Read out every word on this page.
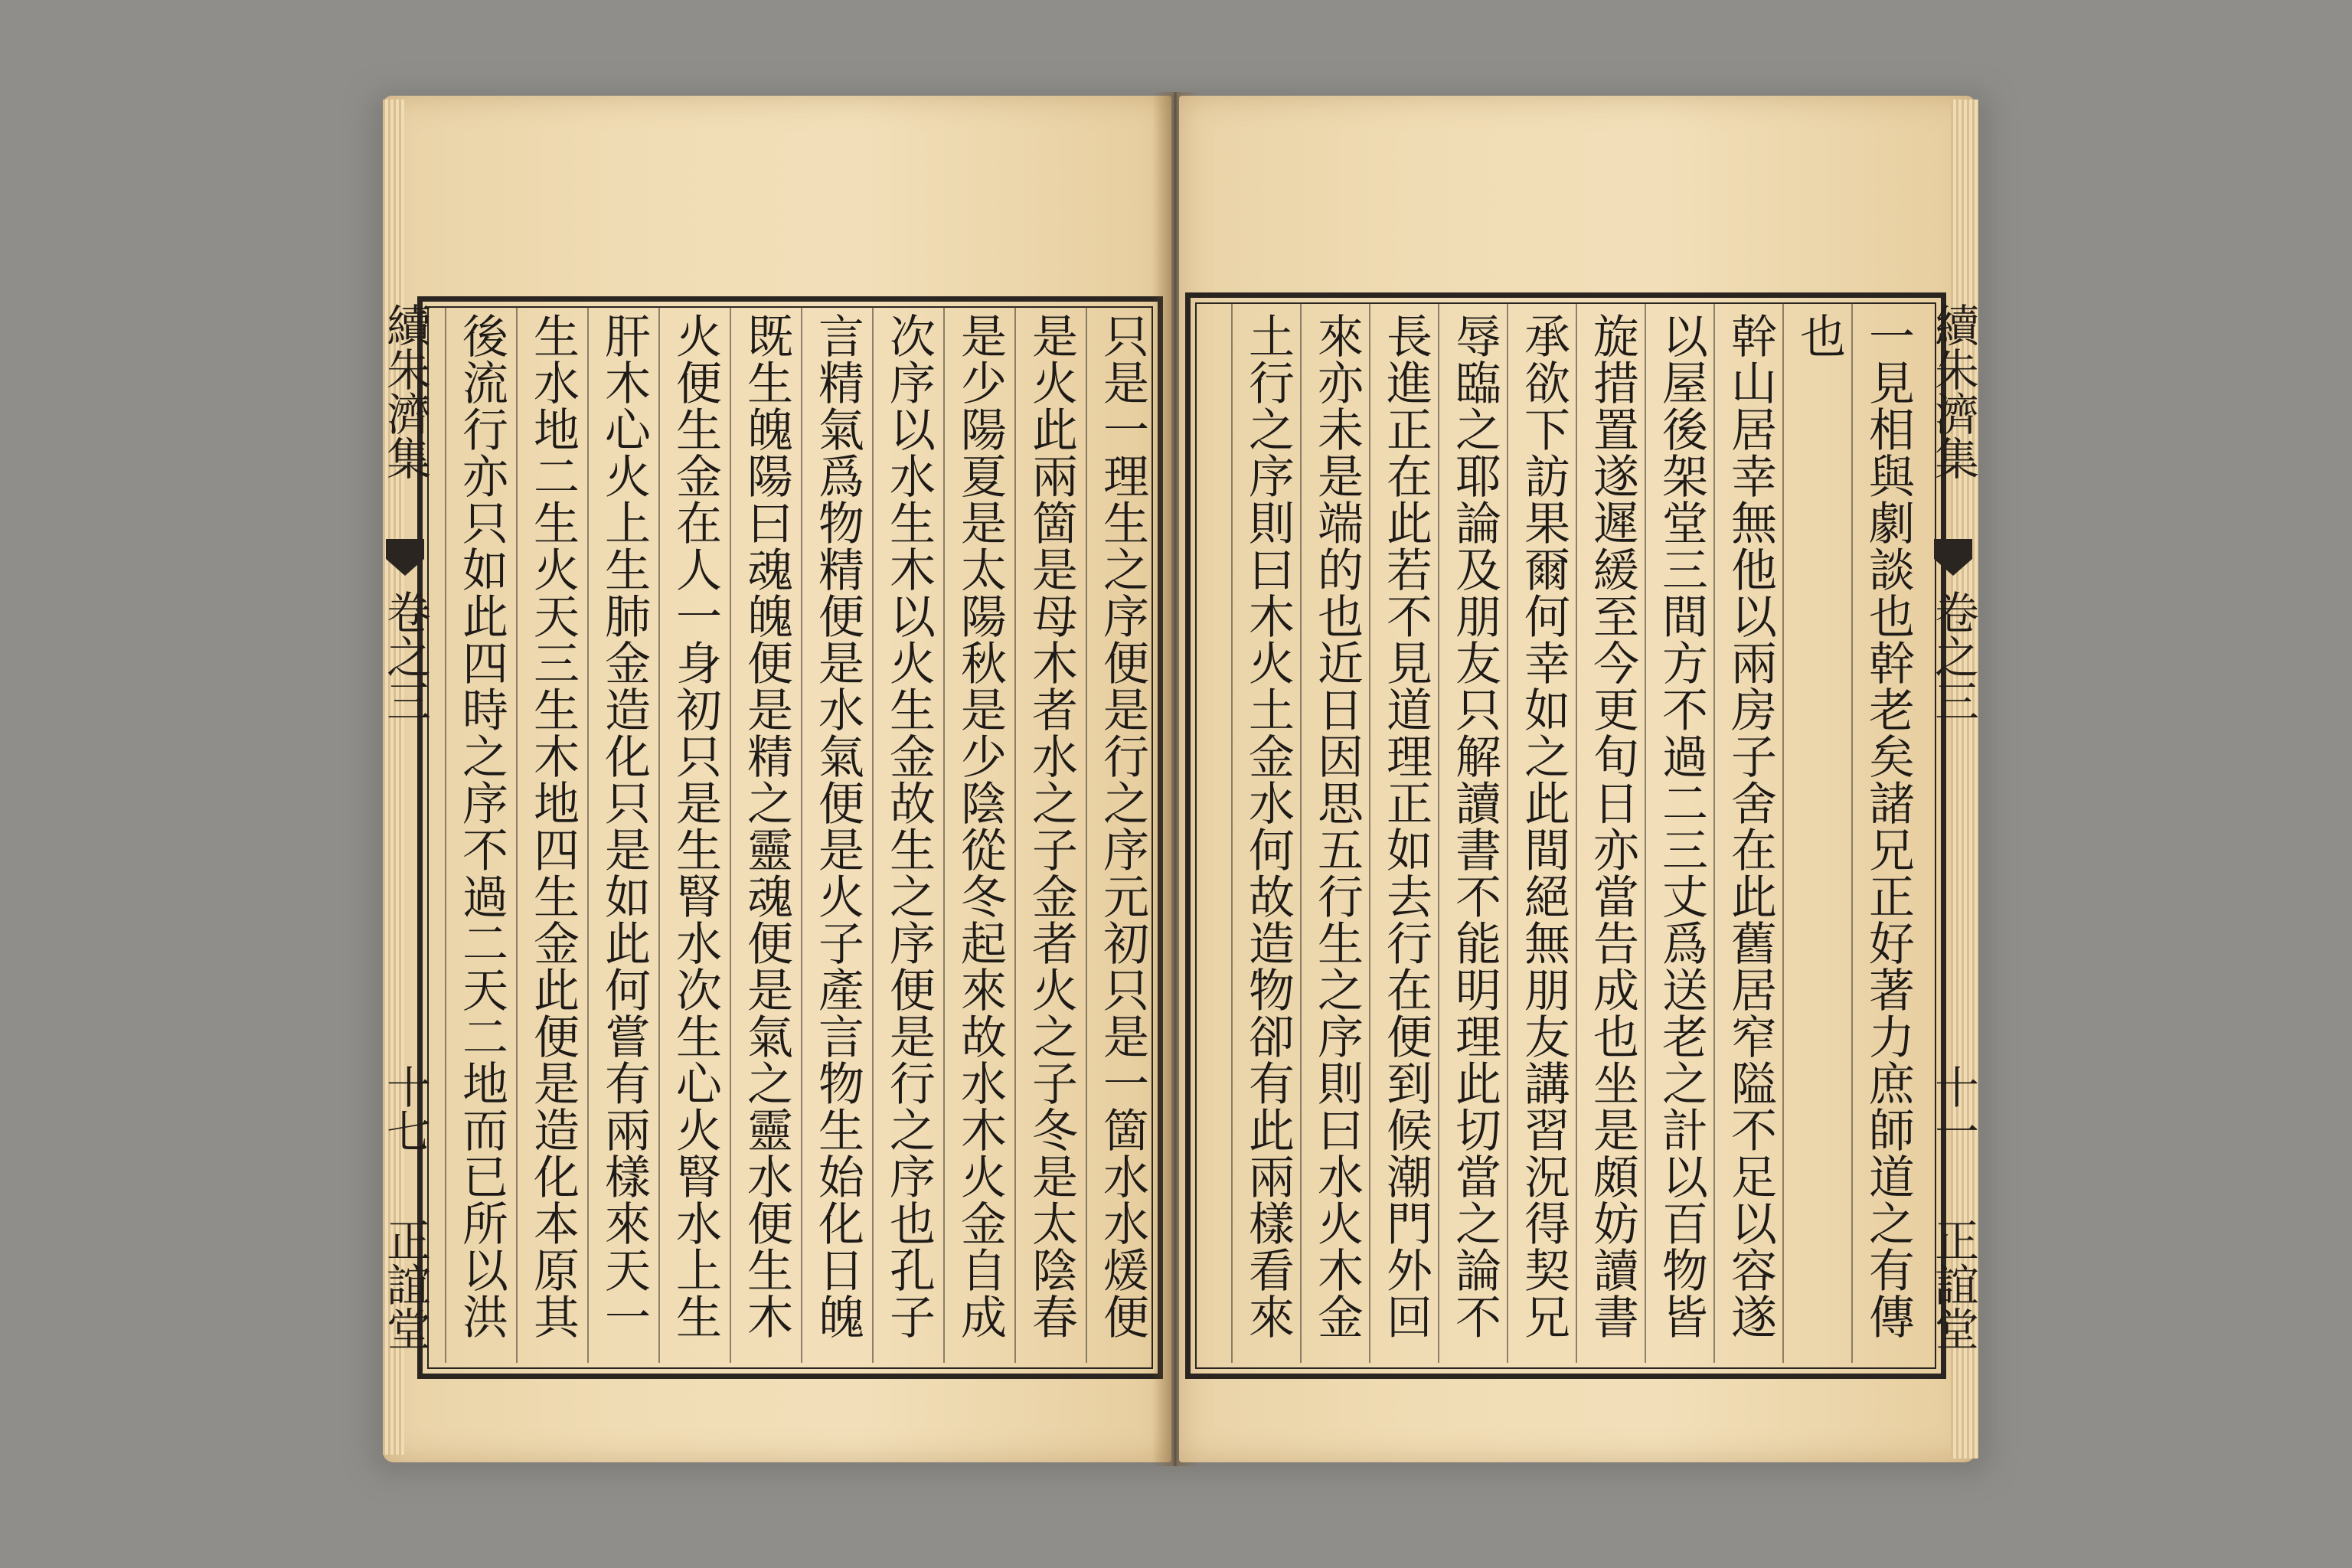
續朱濟集
卷之三
十七
正誼堂	只是一理生之序便是行之序元初只是一箇水水煖便
是火此兩箇是母木者水之子金者火之子冬是太陰春
是少陽夏是太陽秋是少陰從冬起來故水木火金自成
次序以水生木以火生金故生之序便是行之序也孔子
言精氣爲物精便是水氣便是火子產言物生始化日魄
既生魄陽曰魂魄便是精之靈魂便是氣之靈水便生木
火便生金在人一身初只是生腎水次生心火腎水上生
肝木心火上生肺金造化只是如此何嘗有兩樣來天一
生水地二生火天三生木地四生金此便是造化本原其
後流行亦只如此四時之序不過二天二地而已所以洪	續朱濟集
卷之三
十一
正誼堂
一見相與劇談也幹老矣諸兄正好著力庶師道之有傳
也
幹山居幸無他以兩房子舍在此舊居窄隘不足以容遂
以屋後架堂三間方不過二三丈爲送老之計以百物皆
旋措置遂遲緩至今更旬日亦當告成也坐是頗妨讀書
承欲下訪果爾何幸如之此間絕無朋友講習況得契兄
辱臨之耶論及朋友只解讀書不能明理此切當之論不
長進正在此若不見道理正如去行在便到候潮門外回
來亦未是端的也近日因思五行生之序則曰水火木金
土行之序則曰木火土金水何故造物卻有此兩樣看來
